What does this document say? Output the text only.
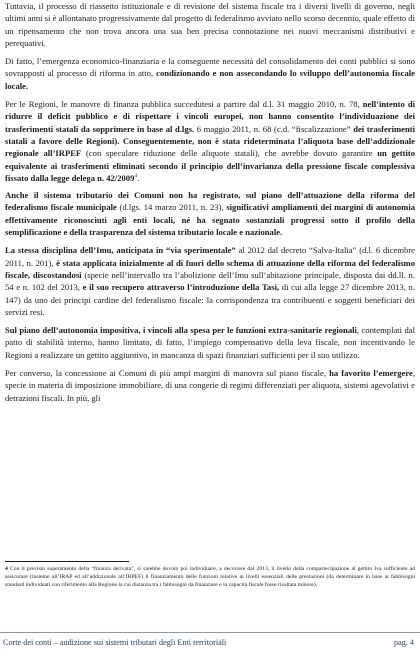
Tuttavia, il processo di riassetto istituzionale e di revisione del sistema fiscale tra i diversi livelli di governo, negli ultimi anni si è allontanato progressivamente dal progetto di federalismo avviato nello scorso decennio, quale effetto di un ripensamento che non trova ancora una sua ben precisa connotazione nei nuovi meccanismi distributivi e perequativi.

Di fatto, l’emergenza economico-finanziaria e la conseguente necessità del consolidamento dei conti pubblici si sono sovrapposti al processo di riforma in atto, condizionando e non assecondando lo sviluppo dell’autonomia fiscale locale.

Per le Regioni, le manovre di finanza pubblica succedutesi a partire dal d.l. 31 maggio 2010, n. 78, nell’intento di ridurre il deficit pubblico e di rispettare i vincoli europei, non hanno consentito l’individuazione dei trasferimenti statali da sopprimere in base al d.lgs. 6 maggio 2011, n. 68 (c.d. “fiscalizzazione” dei trasferimenti statali a favore delle Regioni). Conseguentemente, non è stata rideterminata l’aliquota base dell’addizionale regionale all’IRPEF (con speculare riduzione delle aliquote statali), che avrebbe dovuto garantire un gettito equivalente ai trasferimenti eliminati secondo il principio dell’invarianza della pressione fiscale complessiva fissato dalla legge delega n. 42/2009$^4$.

Anche il sistema tributario dei Comuni non ha registrato, sul piano dell’attuazione della riforma del federalismo fiscale municipale (d.lgs. 14 marzo 2011, n. 23), significativi ampliamenti dei margini di autonomia effettivamente riconosciuti agli enti locali, né ha segnato sostanziali progressi sotto il profilo della semplificazione e della trasparenza del sistema tributario locale e nazionale.

La stessa disciplina dell’Imu, anticipata in “via sperimentale” al 2012 dal decreto “Salva-Italia” (d.l. 6 dicembre 2011, n. 201), è stata applicata inizialmente al di fuori dello schema di attuazione della riforma del federalismo fiscale, discostandosi (specie nell’intervallo tra l’abolizione dell’Imu sull’abitazione principale, disposta dai dd.ll. n. 54 e n. 102 del 2013, e il suo recupero attraverso l’introduzione della Tasi, di cui alla legge 27 dicembre 2013, n. 147) da uno dei principi cardine del federalismo fiscale: la corrispondenza tra contribuenti e soggetti beneficiari dei servizi resi.

Sul piano dell’autonomia impositiva, i vincoli alla spesa per le funzioni extra-sanitarie regionali, contemplati dal patto di stabilità interno, hanno limitato, di fatto, l’impiego compensativo della leva fiscale, non incentivando le Regioni a realizzare un gettito aggiuntivo, in mancanza di spazi finanziari sufficienti per il suo utilizzo.

Per converso, la concessione ai Comuni di più ampi margini di manovra sul piano fiscale, ha favorito l’emergere, specie in materia di imposizione immobiliare, di una congerie di regimi differenziati per aliquota, sistemi agevolativi e detrazioni fiscali. In più, gli

4 Con il previsto superamento della “finanza derivata”, si sarebbe dovuto poi individuare, a decorrere dal 2013, il livello della compartecipazione al gettito Iva sufficiente ad assicurare (insieme all’IRAP ed all’addizionale all’IRPEF) il finanziamento delle funzioni relative ai livelli essenziali delle prestazioni (da determinare in base ai fabbisogni standard individuati con riferimento alla Regione la cui distanza tra i fabbisogni da finanziare e la capacità fiscale fosse risultata minore).

Corte dei conti – audizione sui sistemi tributari degli Enti territoriali	pag. 4
